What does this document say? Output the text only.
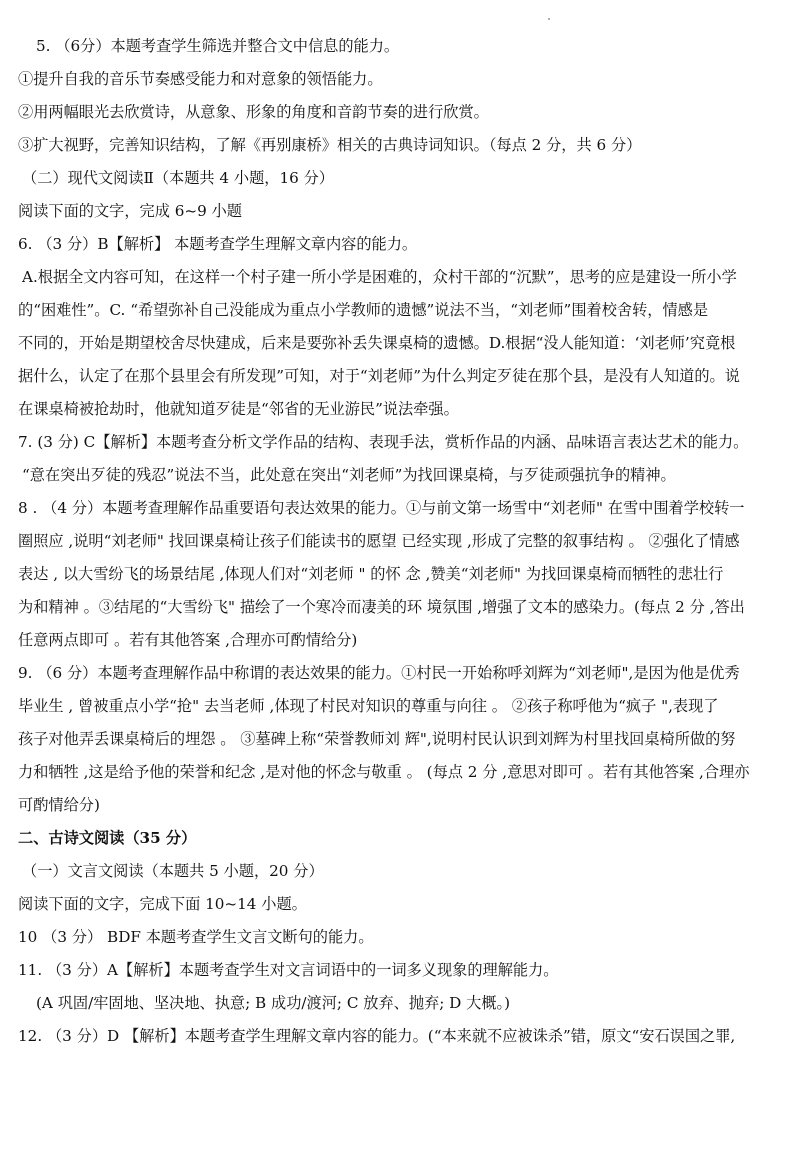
5. （6分）本题考查学生筛选并整合文中信息的能力。
①提升自我的音乐节奏感受能力和对意象的领悟能力。
②用两幅眼光去欣赏诗，从意象、形象的角度和音韵节奏的进行欣赏。
③扩大视野，完善知识结构，了解《再别康桥》相关的古典诗词知识。（每点 2 分，共 6 分）
（二）现代文阅读Ⅱ（本题共 4 小题，16 分）
阅读下面的文字，完成 6~9 小题
6. （3 分）B【解析】 本题考查学生理解文章内容的能力。
A.根据全文内容可知，在这样一个村子建一所小学是困难的，众村干部的“沉默”，思考的应是建设一所小学
的“困难性”。C. “希望弥补自己没能成为重点小学教师的遗憾”说法不当，“刘老师”围着校舍转，情感是
不同的，开始是期望校舍尽快建成，后来是要弥补丢失课桌椅的遗憾。D.根据“没人能知道：‘刘老师’究竟根
据什么，认定了在那个县里会有所发现”可知，对于“刘老师”为什么判定歹徒在那个县，是没有人知道的。说
在课桌椅被抢劫时，他就知道歹徒是“邻省的无业游民”说法牵强。
7. (3 分) C【解析】本题考查分析文学作品的结构、表现手法，赏析作品的内涵、品味语言表达艺术的能力。
“意在突出歹徒的残忍”说法不当，此处意在突出“刘老师”为找回课桌椅，与歹徒顽强抗争的精神。
8 . （4 分）本题考查理解作品重要语句表达效果的能力。①与前文第一场雪中“刘老师" 在雪中围着学校转一
圈照应 ,说明“刘老师" 找回课桌椅让孩子们能读书的愿望 已经实现 ,形成了完整的叙事结构 。 ②强化了情感
表达 , 以大雪纷飞的场景结尾 ,体现人们对“刘老师 " 的怀 念 ,赞美“刘老师" 为找回课桌椅而牺牲的悲壮行
为和精神 。③结尾的“大雪纷飞" 描绘了一个寒冷而凄美的环 境氛围 ,增强了文本的感染力。(每点 2 分 ,答出
任意两点即可 。若有其他答案 ,合理亦可酌情给分)
9. （6 分）本题考查理解作品中称谓的表达效果的能力。①村民一开始称呼刘辉为“刘老师",是因为他是优秀
毕业生 , 曾被重点小学“抢" 去当老师 ,体现了村民对知识的尊重与向往 。 ②孩子称呼他为“疯子 ",表现了
孩子对他弄丢课桌椅后的埋怨 。 ③墓碑上称“荣誉教师刘 辉",说明村民认识到刘辉为村里找回桌椅所做的努
力和牺牲 ,这是给予他的荣誉和纪念 ,是对他的怀念与敬重 。 (每点 2 分 ,意思对即可 。若有其他答案 ,合理亦
可酌情给分)
二、古诗文阅读（35 分）
（一）文言文阅读（本题共 5 小题，20 分）
阅读下面的文字，完成下面 10~14 小题。
10 （3 分） BDF 本题考查学生文言文断句的能力。
11. （3 分）A【解析】本题考查学生对文言词语中的一词多义现象的理解能力。
(A 巩固/牢固地、坚决地、执意; B 成功/渡河; C 放弃、抛弃; D 大概。)
12. （3 分）D 【解析】本题考查学生理解文章内容的能力。(“本来就不应被诛杀”错，原文“安石误国之罪,
